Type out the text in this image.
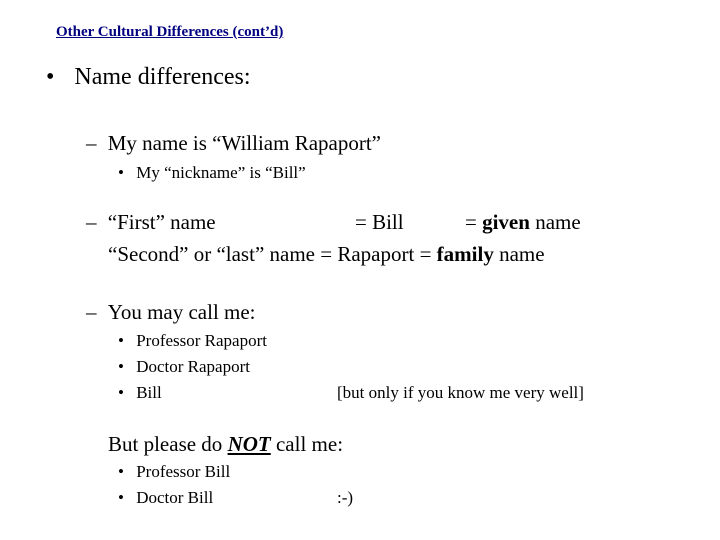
Other Cultural Differences (cont’d)
• Name differences:
– My name is “William Rapaport”
• My “nickname” is “Bill”
– “First” name	= Bill	= given name
“Second” or “last” name = Rapaport = family name
– You may call me:
• Professor Rapaport
• Doctor Rapaport
• Bill	[but only if you know me very well]
But please do NOT call me:
• Professor Bill
• Doctor Bill	:-)
